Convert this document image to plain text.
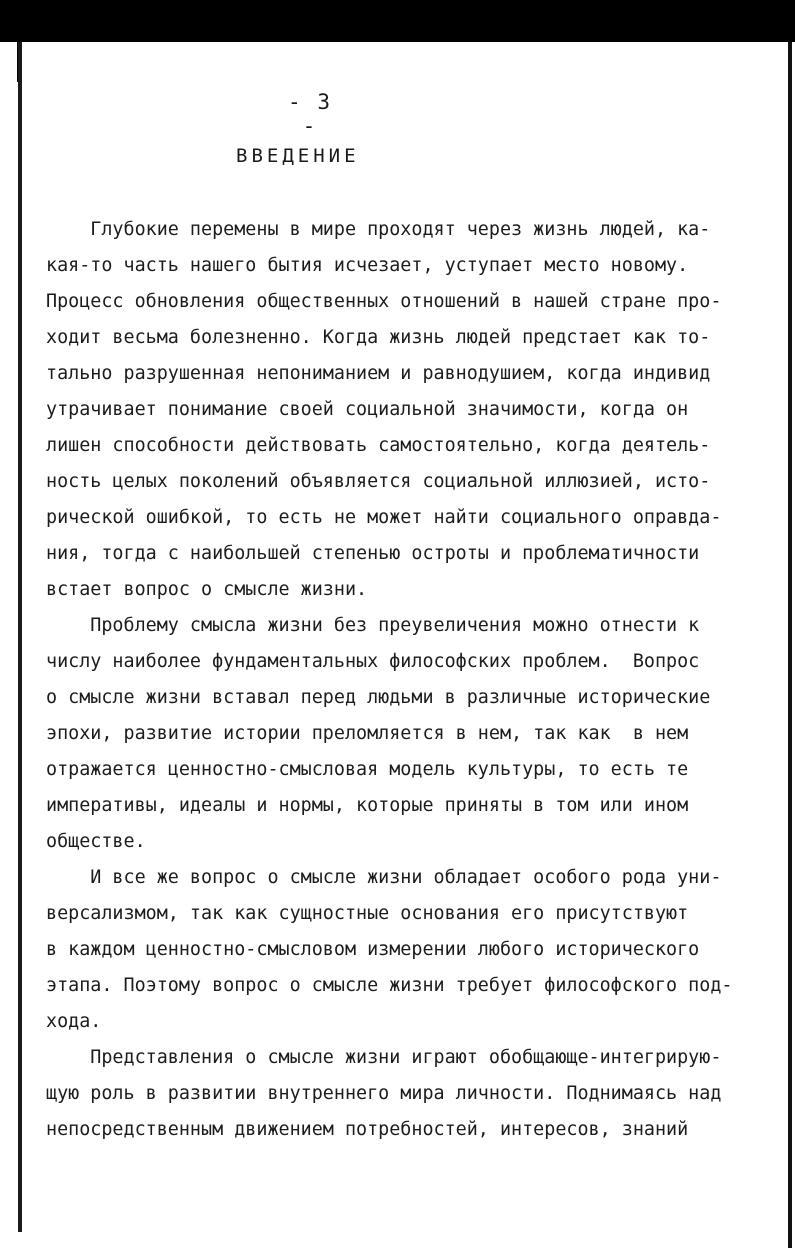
- 3 -
ВВЕДЕНИЕ
Глубокие перемены в мире проходят через жизнь людей, ка-
кая-то часть нашего бытия исчезает, уступает место новому.
Процесс обновления общественных отношений в нашей стране про-
ходит весьма болезненно. Когда жизнь людей предстает как то-
тально разрушенная непониманием и равнодушием, когда индивид
утрачивает понимание своей социальной значимости, когда он
лишен способности действовать самостоятельно, когда деятель-
ность целых поколений объявляется социальной иллюзией, исто-
рической ошибкой, то есть не может найти социального оправда-
ния, тогда с наибольшей степенью остроты и проблематичности
встает вопрос о смысле жизни.
Проблему смысла жизни без преувеличения можно отнести к
числу наиболее фундаментальных философских проблем.  Вопрос
о смысле жизни вставал перед людьми в различные исторические
эпохи, развитие истории преломляется в нем, так как  в нем
отражается ценностно-смысловая модель культуры, то есть те
императивы, идеалы и нормы, которые приняты в том или ином
обществе.
И все же вопрос о смысле жизни обладает особого рода уни-
версализмом, так как сущностные основания его присутствуют
в каждом ценностно-смысловом измерении любого исторического
этапа. Поэтому вопрос о смысле жизни требует философского под-
хода.
Представления о смысле жизни играют обобщающе-интегрирую-
щую роль в развитии внутреннего мира личности. Поднимаясь над
непосредственным движением потребностей, интересов, знаний
